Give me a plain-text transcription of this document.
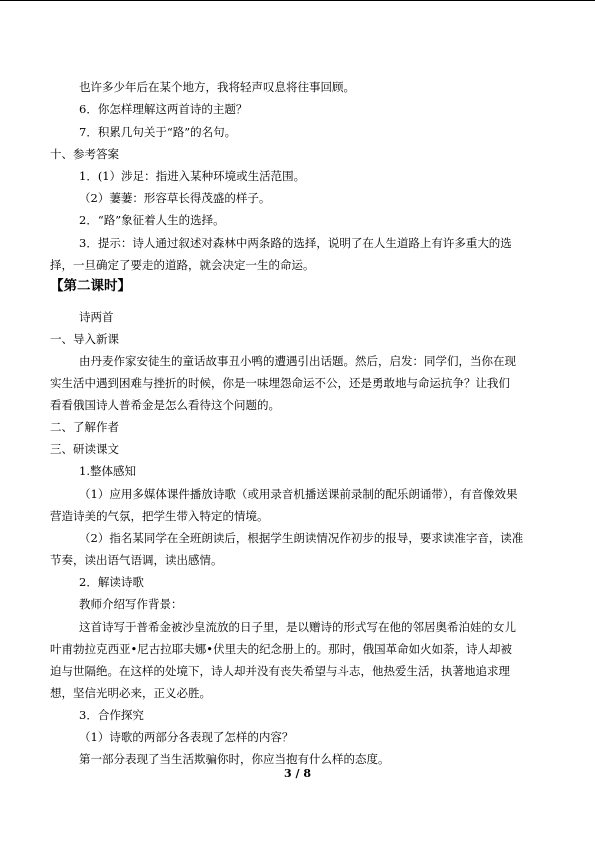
也许多少年后在某个地方，我将轻声叹息将往事回顾。
6．你怎样理解这两首诗的主题？
7．积累几句关于“路”的名句。
十、参考答案
1．(1）涉足：指进入某种环境或生活范围。
（2）萋萋：形容草长得茂盛的样子。
2．“路”象征着人生的选择。
3．提示：诗人通过叙述对森林中两条路的选择，说明了在人生道路上有许多重大的选
择，一旦确定了要走的道路，就会决定一生的命运。
【第二课时】
诗两首
一、导入新课
由丹麦作家安徒生的童话故事丑小鸭的遭遇引出话题。然后，启发：同学们，当你在现
实生活中遇到困难与挫折的时候，你是一味埋怨命运不公，还是勇敢地与命运抗争？让我们
看看俄国诗人普希金是怎么看待这个问题的。
二、了解作者
三、研读课文
1.整体感知
（1）应用多媒体课件播放诗歌（或用录音机播送课前录制的配乐朗诵带），有音像效果
营造诗美的气氛，把学生带入特定的情境。
（2）指名某同学在全班朗读后，根据学生朗读情况作初步的报导，要求读准字音，读准
节奏，读出语气语调，读出感情。
2．解读诗歌
教师介绍写作背景：
这首诗写于普希金被沙皇流放的日子里，是以赠诗的形式写在他的邻居奥希泊娃的女儿
叶甫勃拉克西亚•尼古拉耶夫娜•伏里夫的纪念册上的。那时，俄国革命如火如荼，诗人却被
迫与世隔绝。在这样的处境下，诗人却并没有丧失希望与斗志，他热爱生活，执著地追求理
想，坚信光明必来，正义必胜。
3．合作探究
（1）诗歌的两部分各表现了怎样的内容？
第一部分表现了当生活欺骗你时，你应当抱有什么样的态度。
3 / 8
